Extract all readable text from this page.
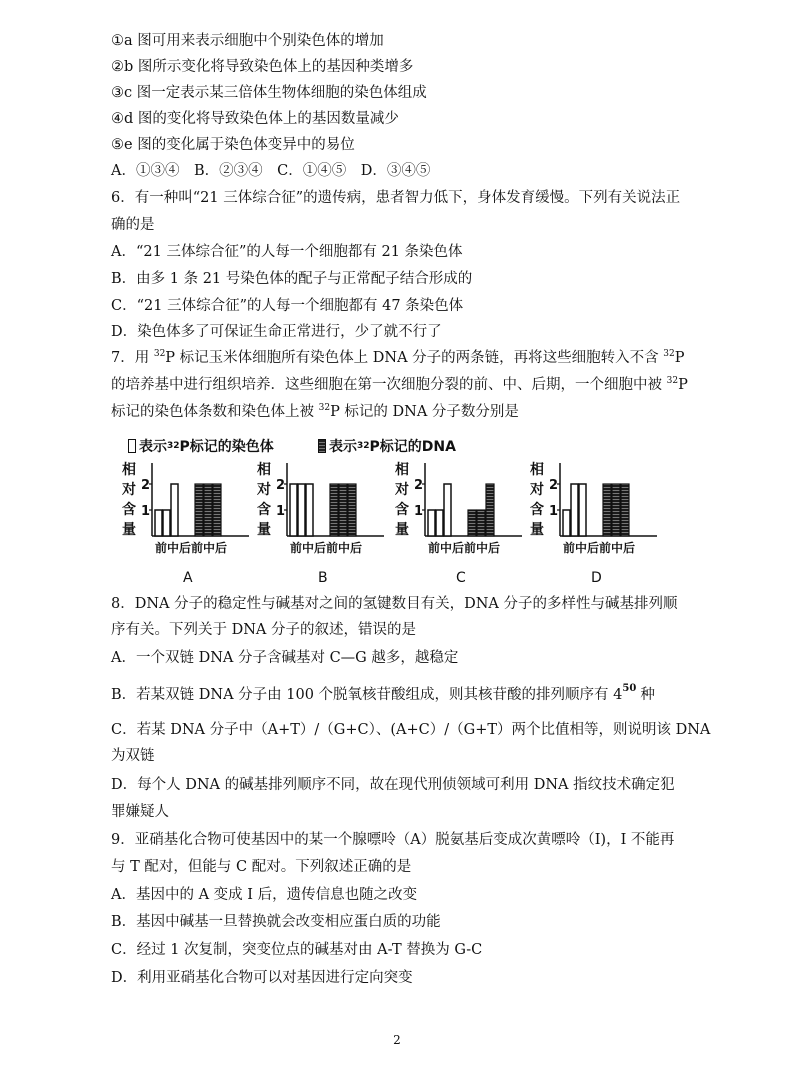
①a 图可用来表示细胞中个别染色体的增加
②b 图所示变化将导致染色体上的基因种类增多
③c 图一定表示某三倍体生物体细胞的染色体组成
④d 图的变化将导致染色体上的基因数量减少
⑤e 图的变化属于染色体变异中的易位
A．①③④　B．②③④　C．①④⑤　D．③④⑤
6．有一种叫“21 三体综合征”的遗传病，患者智力低下，身体发育缓慢。下列有关说法正
确的是
A．“21 三体综合征”的人每一个细胞都有 21 条染色体
B．由多 1 条 21 号染色体的配子与正常配子结合形成的
C．“21 三体综合征”的人每一个细胞都有 47 条染色体
D．染色体多了可保证生命正常进行，少了就不行了
7．用 $^{32}$P 标记玉米体细胞所有染色体上 DNA 分子的两条链，再将这些细胞转入不含 $^{32}$P
的培养基中进行组织培养．这些细胞在第一次细胞分裂的前、中、后期，一个细胞中被 $^{32}$P
标记的染色体条数和染色体上被 $^{32}$P 标记的 DNA 分子数分别是
表示 32 P标记的染色体	表示 32 P标记的DNA
相
对
含
量
1
2
前中后前中后
A
相
对
含
量
1
2
前中后前中后
B
相
对
含
量
1
2
前中后前中后
C
相
对
含
量
1
2
前中后前中后
D
8．DNA 分子的稳定性与碱基对之间的氢键数目有关，DNA 分子的多样性与碱基排列顺
序有关。下列关于 DNA 分子的叙述，错误的是
A．一个双链 DNA 分子含碱基对 C—G 越多，越稳定
B．若某双链 DNA 分子由 100 个脱氧核苷酸组成，则其核苷酸的排列顺序有 $4^{50}$ 种
C．若某 DNA 分子中（A+T）/（G+C）、(A+C）/（G+T）两个比值相等，则说明该 DNA
为双链
D．每个人 DNA 的碱基排列顺序不同，故在现代刑侦领域可利用 DNA 指纹技术确定犯
罪嫌疑人
9．亚硝基化合物可使基因中的某一个腺嘌呤（A）脱氨基后变成次黄嘌呤（I)，I 不能再
与 T 配对，但能与 C 配对。下列叙述正确的是
A．基因中的 A 变成 I 后，遗传信息也随之改变
B．基因中碱基一旦替换就会改变相应蛋白质的功能
C．经过 1 次复制，突变位点的碱基对由 A-T 替换为 G-C
D．利用亚硝基化合物可以对基因进行定向突变
2
